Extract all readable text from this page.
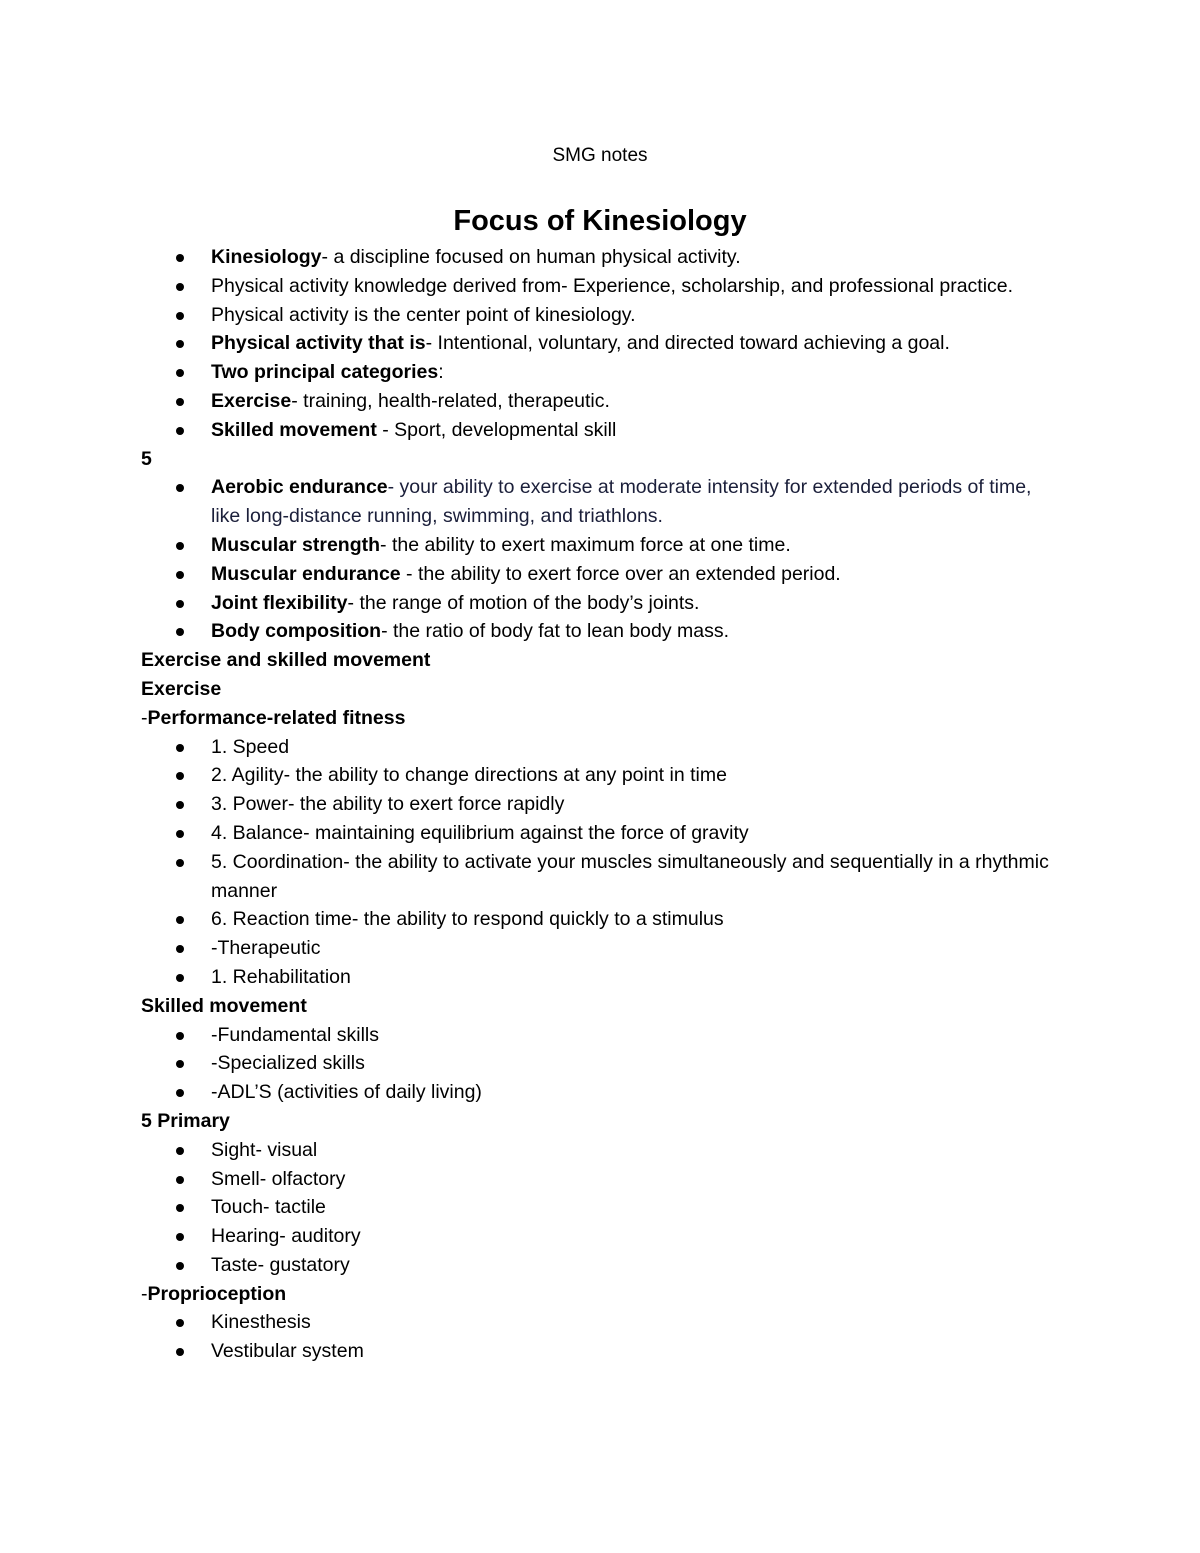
SMG notes
Focus of Kinesiology
Kinesiology- a discipline focused on human physical activity.
Physical activity knowledge derived from- Experience, scholarship, and professional practice.
Physical activity is the center point of kinesiology.
Physical activity that is- Intentional, voluntary, and directed toward achieving a goal.
Two principal categories:
Exercise- training, health-related, therapeutic.
Skilled movement - Sport, developmental skill

5

Aerobic endurance- your ability to exercise at moderate intensity for extended periods of time, like long-distance running, swimming, and triathlons.
Muscular strength- the ability to exert maximum force at one time.
Muscular endurance - the ability to exert force over an extended period.
Joint flexibility- the range of motion of the body’s joints.
Body composition- the ratio of body fat to lean body mass.

Exercise and skilled movement

Exercise

-Performance-related fitness

1. Speed
2. Agility- the ability to change directions at any point in time
3. Power- the ability to exert force rapidly
4. Balance- maintaining equilibrium against the force of gravity
5. Coordination- the ability to activate your muscles simultaneously and sequentially in a rhythmic manner
6. Reaction time- the ability to respond quickly to a stimulus
-Therapeutic
1. Rehabilitation

Skilled movement

-Fundamental skills
-Specialized skills
-ADL’S (activities of daily living)

5 Primary

Sight- visual
Smell- olfactory
Touch- tactile
Hearing- auditory
Taste- gustatory

-Proprioception

Kinesthesis
Vestibular system
